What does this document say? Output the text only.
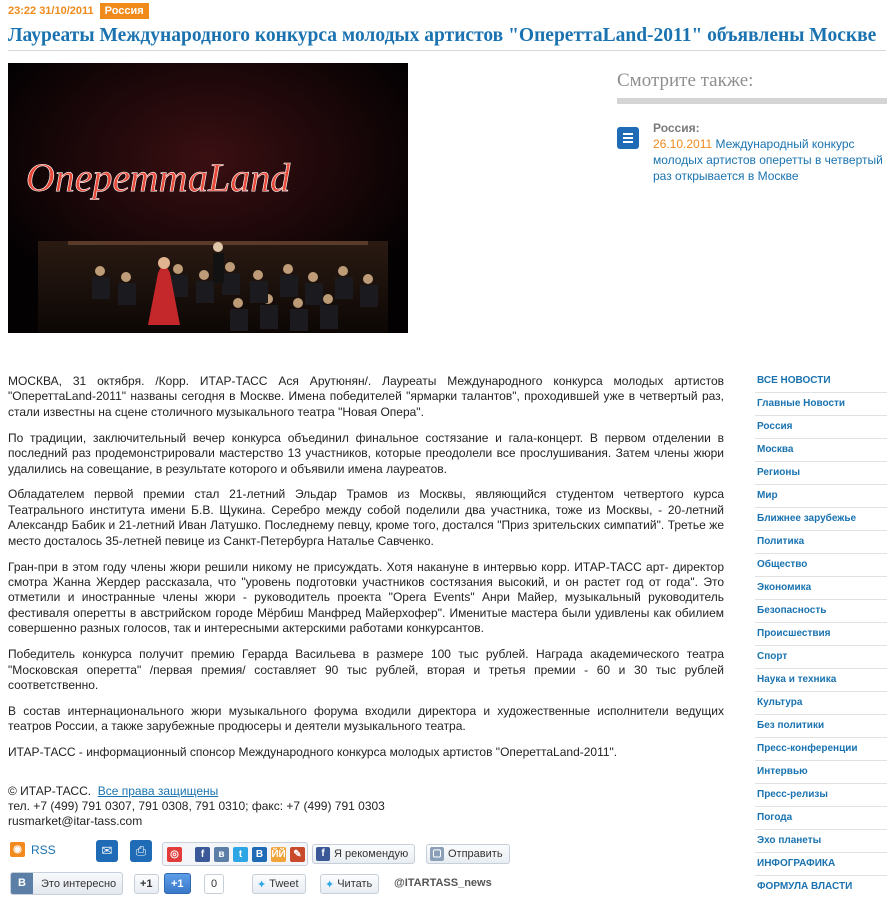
23:22 31/10/2011	Россия
Лауреаты Международного конкурса молодых артистов "ОпереттаLand-2011" объявлены Москве
ОпереттаLand
Смотрите также:
Россия:
26.10.2011 Международный конкурс молодых артистов оперетты в четвертый раз открывается в Москве

МОСКВА, 31 октября. /Корр. ИТАР-ТАСС Ася Арутюнян/. Лауреаты Международного конкурса молодых артистов "ОпереттаLand-2011" названы сегодня в Москве. Имена победителей "ярмарки талантов", проходившей уже в четвертый раз, стали известны на сцене столичного музыкального театра "Новая Опера".

По традиции, заключительный вечер конкурса объединил финальное состязание и гала-концерт. В первом отделении в последний раз продемонстрировали мастерство 13 участников, которые преодолели все прослушивания. Затем члены жюри удалились на совещание, в результате которого и объявили имена лауреатов.

Обладателем первой премии стал 21-летний Эльдар Трамов из Москвы, являющийся студентом четвертого курса Театрального института имени Б.В. Щукина. Серебро между собой поделили два участника, тоже из Москвы, - 20-летний Александр Бабик и 21-летний Иван Латушко. Последнему певцу, кроме того, достался "Приз зрительских симпатий". Третье же место досталось 35-летней певице из Санкт-Петербурга Наталье Савченко.

Гран-при в этом году члены жюри решили никому не присуждать. Хотя накануне в интервью корр. ИТАР-ТАСС арт- директор смотра Жанна Жердер рассказала, что "уровень подготовки участников состязания высокий, и он растет год от года". Это отметили и иностранные члены жюри - руководитель проекта "Opera Events" Анри Майер, музыкальный руководитель фестиваля оперетты в австрийском городе Мёрбиш Манфред Майерхофер". Именитые мастера были удивлены как обилием совершенно разных голосов, так и интересными актерскими работами конкурсантов.

Победитель конкурса получит премию Герарда Васильева в размере 100 тыс рублей. Награда академического театра "Московская оперетта" /первая премия/ составляет 90 тыс рублей, вторая и третья премии - 60 и 30 тыс рублей соответственно.

В состав интернационального жюри музыкального форума входили директора и художественные исполнители ведущих театров России, а также зарубежные продюсеры и деятели музыкального театра.

ИТАР-ТАСС - информационный спонсор Международного конкурса молодых артистов "ОпереттаLand-2011".

© ИТАР-ТАСС. Все права защищены
тел. +7 (499) 791 0307, 791 0308, 791 0310; факс: +7 (499) 791 0303
rusmarket@itar-tass.com
◉ RSS	✉	⎙	◎	f	в	t	B ЙЙ ✎	f Я рекомендую ▢ Отправить
B	Это интересно +1 +1 0	✦ Tweet ✦ Читать @ITARTASS_news
ВСЕ НОВОСТИ
Главные Новости
Россия
Москва
Регионы
Мир
Ближнее зарубежье
Политика
Общество
Экономика
Безопасность
Происшествия
Спорт
Наука и техника
Культура
Без политики
Пресс-конференции
Интервью
Пресс-релизы
Погода
Эхо планеты
ИНФОГРАФИКА
ФОРМУЛА ВЛАСТИ
